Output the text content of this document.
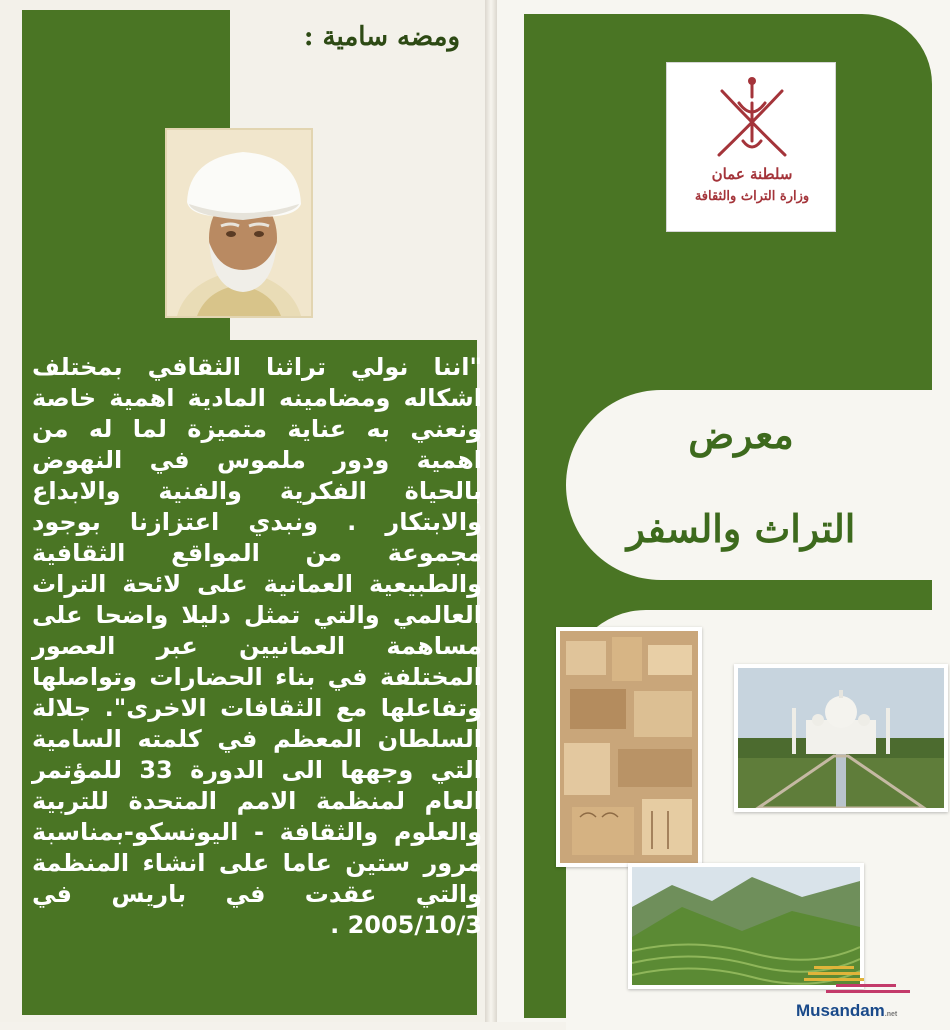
ومضه سامية :

"اننا نولي تراثنا الثقافي بمختلف اشكاله ومضامينه المادية اهمية خاصة ونعني به عناية متميزة لما له من اهمية ودور ملموس في النهوض بالحياة الفكرية والفنية والابداع والابتكار . ونبدي اعتزازنا بوجود مجموعة من المواقع الثقافية والطبيعية العمانية على لائحة التراث العالمي والتي تمثل دليلا واضحا على مساهمة العمانيين عبر العصور المختلفة في بناء الحضارات وتواصلها وتفاعلها مع الثقافات الاخرى". جلالة السلطان المعظم في كلمته السامية التي وجهها الى الدورة 33 للمؤتمر العام لمنظمة الامم المتحدة للتربية والعلوم والثقافة - اليونسكو-بمناسبة مرور ستين عاما على انشاء المنظمة والتي عقدت في باريس في 2005/10/3 .

سلطنة عمان
وزارة التراث والثقافة
معرض
التراث والسفر

Musandam.net
